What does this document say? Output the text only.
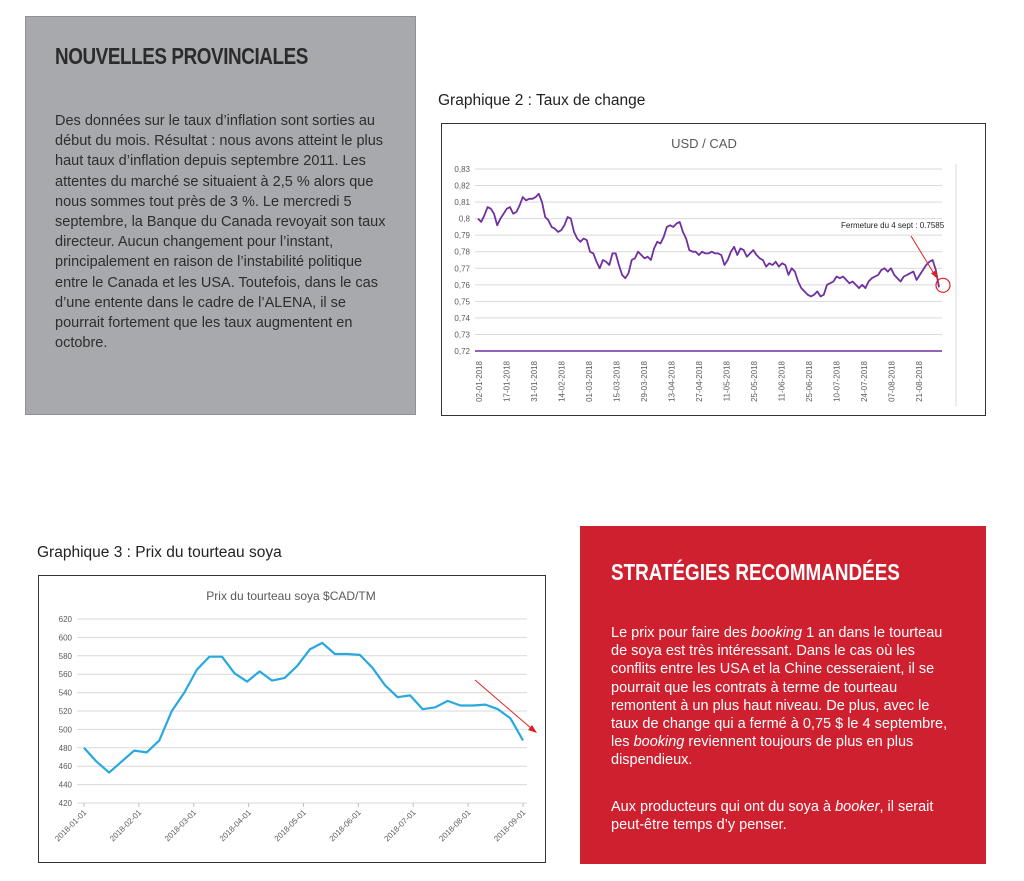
NOUVELLES PROVINCIALES

Des données sur le taux d’inflation sont sorties au début du mois. Résultat : nous avons atteint le plus haut taux d’inflation depuis septembre 2011. Les attentes du marché se situaient à 2,5 % alors que nous sommes tout près de 3 %. Le mercredi 5 septembre, la Banque du Canada revoyait son taux directeur. Aucun changement pour l’instant, principalement en raison de l’instabilité politique entre le Canada et les USA. Toutefois, dans le cas d’une entente dans le cadre de l’ALENA, il se pourrait fortement que les taux augmentent en octobre.

Graphique 2 : Taux de change
USD / CAD
0,72
0,73
0,74
0,75
0,76
0,77
0,78
0,79
0,8
0,81
0,82
0,83
02-01-2018 17-01-2018 31-01-2018 14-02-2018 01-03-2018 15-03-2018 29-03-2018 13-04-2018 27-04-2018 11-05-2018 25-05-2018 11-06-2018 25-06-2018 10-07-2018 24-07-2018 07-08-2018 21-08-2018
Fermeture du 4 sept : 0.7585
Graphique 3 : Prix du tourteau soya
Prix du tourteau soya $CAD/TM
420
440
460
480
500
520
540
560
580
600
620
2018-01-01 2018-02-01 2018-03-01 2018-04-01 2018-05-01 2018-06-01 2018-07-01 2018-08-01 2018-09-01
STRATÉGIES RECOMMANDÉES

Le prix pour faire des booking 1 an dans le tourteau de soya est très intéressant. Dans le cas où les conflits entre les USA et la Chine cesseraient, il se pourrait que les contrats à terme de tourteau remontent à un plus haut niveau. De plus, avec le taux de change qui a fermé à 0,75 $ le 4 septembre, les booking reviennent toujours de plus en plus dispendieux.

Aux producteurs qui ont du soya à booker, il serait peut-être temps d’y penser.
